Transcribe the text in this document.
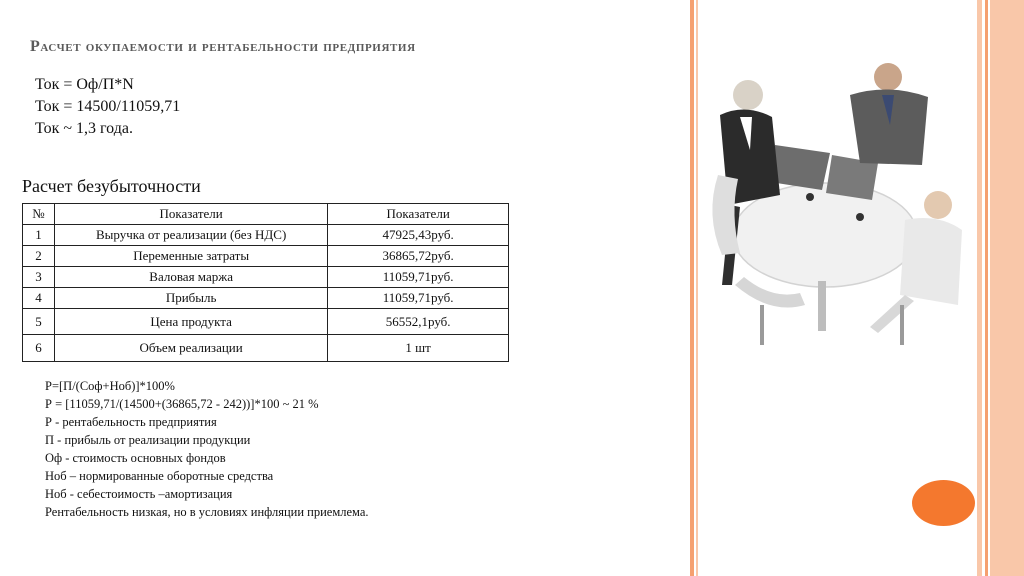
Расчет окупаемости и рентабельности предприятия
Ток = Оф/П*N
Ток = 14500/11059,71
Ток ~ 1,3 года.
Расчет безубыточности
№	Показатели	Показатели
1	Выручка от реализации (без НДС)	47925,43руб.
2	Переменные затраты	36865,72руб.
3	Валовая маржа	11059,71руб.
4	Прибыль	11059,71руб.
5	Цена продукта	56552,1руб.
6	Объем реализации	1 шт
Р=[П/(Соф+Ноб)]*100%
Р = [11059,71/(14500+(36865,72 - 242))]*100 ~ 21 %
Р - рентабельность предприятия
П - прибыль от реализации продукции
Оф - стоимость основных фондов
Ноб – нормированные оборотные средства
Ноб - себестоимость –амортизация
Рентабельность низкая, но в условиях инфляции приемлема.
